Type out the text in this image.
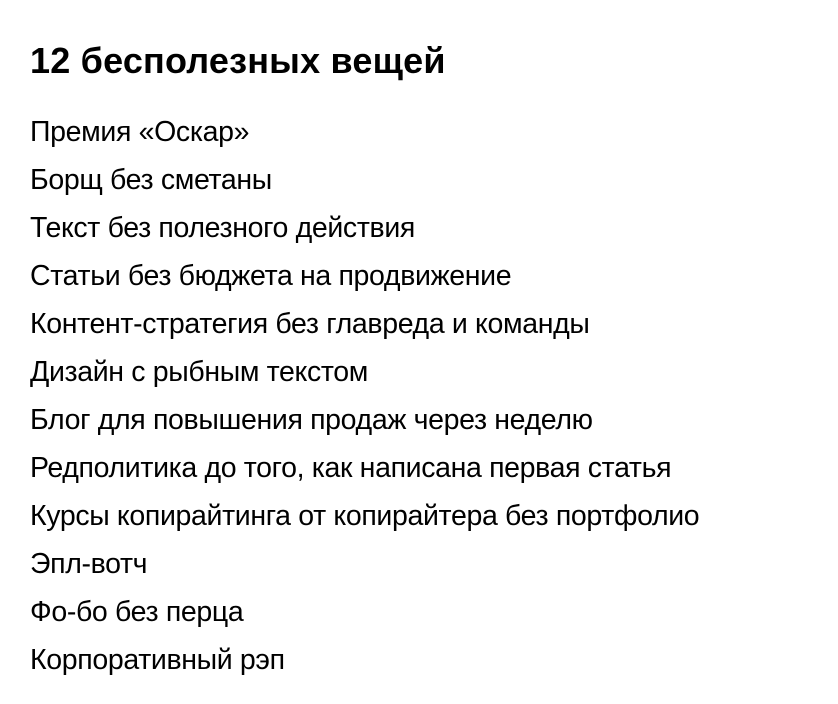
12 бесполезных вещей
Премия «Оскар»
Борщ без сметаны
Текст без полезного действия
Статьи без бюджета на продвижение
Контент-стратегия без главреда и команды
Дизайн с рыбным текстом
Блог для повышения продаж через неделю
Редполитика до того, как написана первая статья
Курсы копирайтинга от копирайтера без портфолио
Эпл-вотч
Фо-бо без перца
Корпоративный рэп
